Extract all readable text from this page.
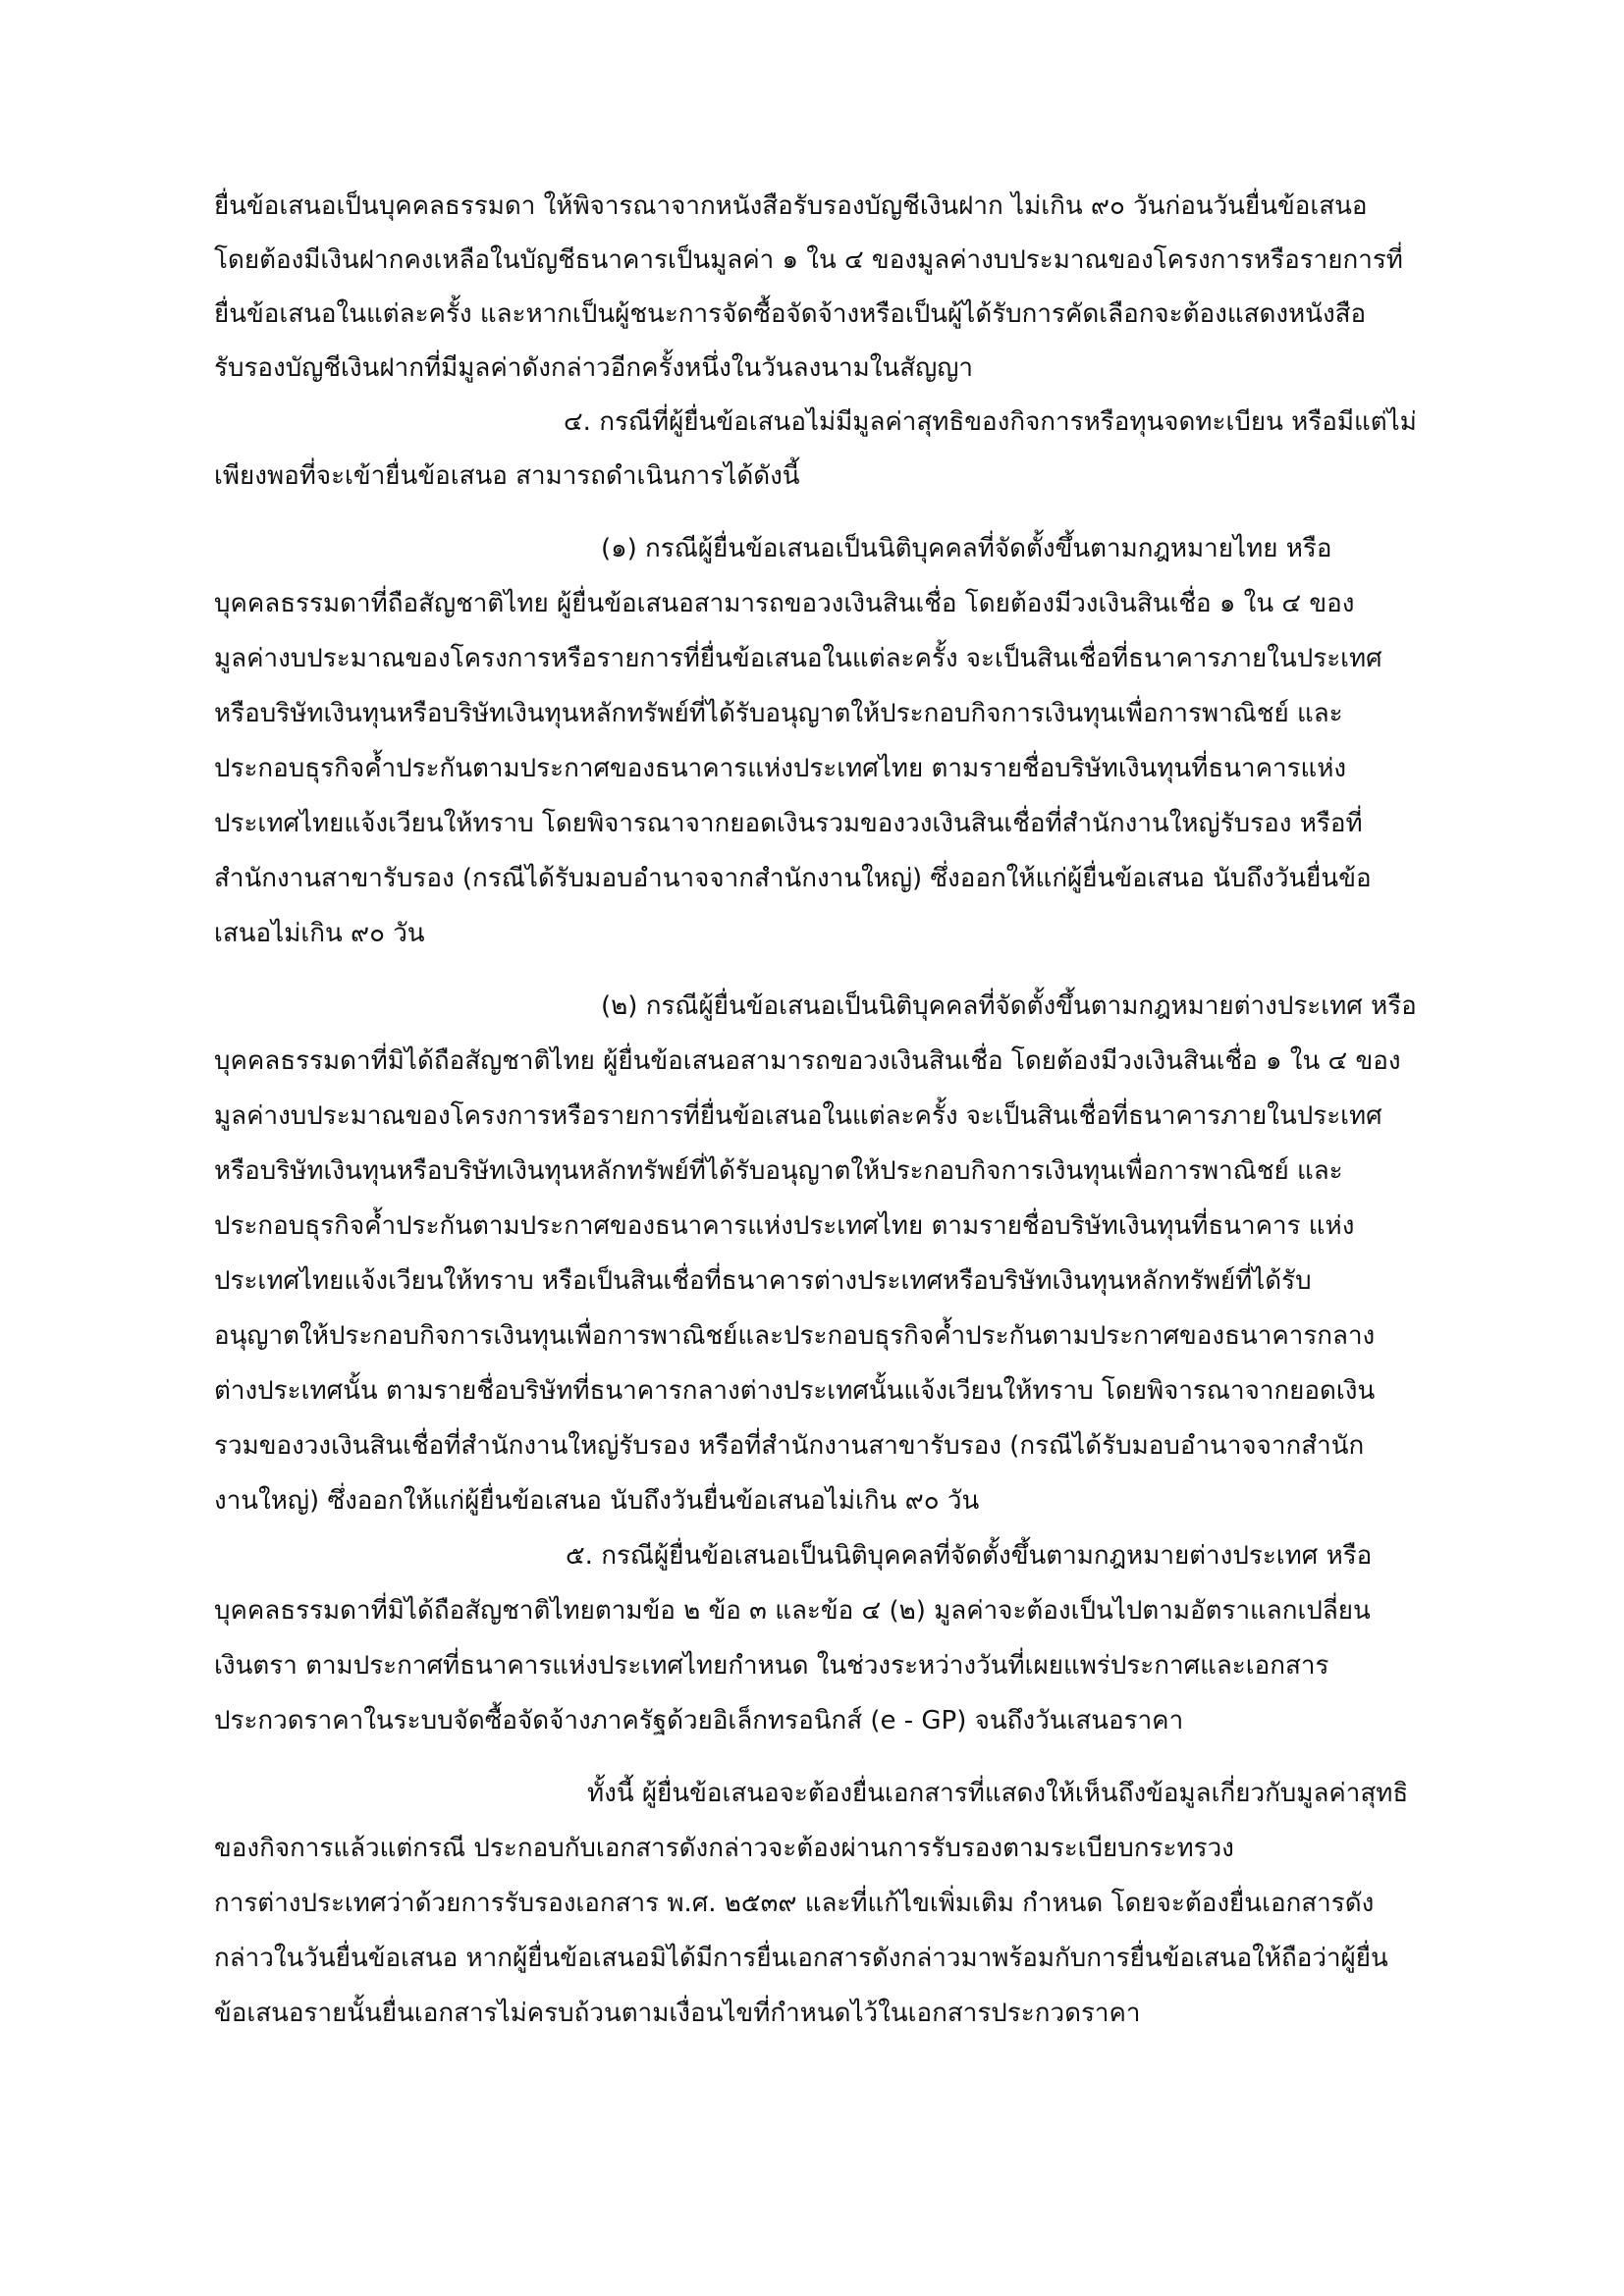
ยื่นข้อเสนอเป็นบุคคลธรรมดา ให้พิจารณาจากหนังสือรับรองบัญชีเงินฝาก ไม่เกิน ๙๐ วันก่อนวันยื่นข้อเสนอ
โดยต้องมีเงินฝากคงเหลือในบัญชีธนาคารเป็นมูลค่า ๑ ใน ๔ ของมูลค่างบประมาณของโครงการหรือรายการที่
ยื่นข้อเสนอในแต่ละครั้ง และหากเป็นผู้ชนะการจัดซื้อจัดจ้างหรือเป็นผู้ได้รับการคัดเลือกจะต้องแสดงหนังสือ
รับรองบัญชีเงินฝากที่มีมูลค่าดังกล่าวอีกครั้งหนึ่งในวันลงนามในสัญญา
๔. กรณีที่ผู้ยื่นข้อเสนอไม่มีมูลค่าสุทธิของกิจการหรือทุนจดทะเบียน หรือมีแต่ไม่
เพียงพอที่จะเข้ายื่นข้อเสนอ สามารถดำเนินการได้ดังนี้
(๑) กรณีผู้ยื่นข้อเสนอเป็นนิติบุคคลที่จัดตั้งขึ้นตามกฎหมายไทย หรือ
บุคคลธรรมดาที่ถือสัญชาติไทย ผู้ยื่นข้อเสนอสามารถขอวงเงินสินเชื่อ โดยต้องมีวงเงินสินเชื่อ ๑ ใน ๔ ของ
มูลค่างบประมาณของโครงการหรือรายการที่ยื่นข้อเสนอในแต่ละครั้ง จะเป็นสินเชื่อที่ธนาคารภายในประเทศ
หรือบริษัทเงินทุนหรือบริษัทเงินทุนหลักทรัพย์ที่ได้รับอนุญาตให้ประกอบกิจการเงินทุนเพื่อการพาณิชย์ และ
ประกอบธุรกิจค้ำประกันตามประกาศของธนาคารแห่งประเทศไทย ตามรายชื่อบริษัทเงินทุนที่ธนาคารแห่ง
ประเทศไทยแจ้งเวียนให้ทราบ โดยพิจารณาจากยอดเงินรวมของวงเงินสินเชื่อที่สำนักงานใหญ่รับรอง หรือที่
สำนักงานสาขารับรอง (กรณีได้รับมอบอำนาจจากสำนักงานใหญ่) ซึ่งออกให้แก่ผู้ยื่นข้อเสนอ นับถึงวันยื่นข้อ
เสนอไม่เกิน ๙๐ วัน
(๒) กรณีผู้ยื่นข้อเสนอเป็นนิติบุคคลที่จัดตั้งขึ้นตามกฎหมายต่างประเทศ หรือ
บุคคลธรรมดาที่มิได้ถือสัญชาติไทย ผู้ยื่นข้อเสนอสามารถขอวงเงินสินเชื่อ โดยต้องมีวงเงินสินเชื่อ ๑ ใน ๔ ของ
มูลค่างบประมาณของโครงการหรือรายการที่ยื่นข้อเสนอในแต่ละครั้ง จะเป็นสินเชื่อที่ธนาคารภายในประเทศ
หรือบริษัทเงินทุนหรือบริษัทเงินทุนหลักทรัพย์ที่ได้รับอนุญาตให้ประกอบกิจการเงินทุนเพื่อการพาณิชย์ และ
ประกอบธุรกิจค้ำประกันตามประกาศของธนาคารแห่งประเทศไทย ตามรายชื่อบริษัทเงินทุนที่ธนาคาร แห่ง
ประเทศไทยแจ้งเวียนให้ทราบ หรือเป็นสินเชื่อที่ธนาคารต่างประเทศหรือบริษัทเงินทุนหลักทรัพย์ที่ได้รับ
อนุญาตให้ประกอบกิจการเงินทุนเพื่อการพาณิชย์และประกอบธุรกิจค้ำประกันตามประกาศของธนาคารกลาง
ต่างประเทศนั้น ตามรายชื่อบริษัทที่ธนาคารกลางต่างประเทศนั้นแจ้งเวียนให้ทราบ โดยพิจารณาจากยอดเงิน
รวมของวงเงินสินเชื่อที่สำนักงานใหญ่รับรอง หรือที่สำนักงานสาขารับรอง (กรณีได้รับมอบอำนาจจากสำนัก
งานใหญ่) ซึ่งออกให้แก่ผู้ยื่นข้อเสนอ นับถึงวันยื่นข้อเสนอไม่เกิน ๙๐ วัน
๕. กรณีผู้ยื่นข้อเสนอเป็นนิติบุคคลที่จัดตั้งขึ้นตามกฎหมายต่างประเทศ หรือ
บุคคลธรรมดาที่มิได้ถือสัญชาติไทยตามข้อ ๒ ข้อ ๓ และข้อ ๔ (๒) มูลค่าจะต้องเป็นไปตามอัตราแลกเปลี่ยน
เงินตรา ตามประกาศที่ธนาคารแห่งประเทศไทยกำหนด ในช่วงระหว่างวันที่เผยแพร่ประกาศและเอกสาร
ประกวดราคาในระบบจัดซื้อจัดจ้างภาครัฐด้วยอิเล็กทรอนิกส์ (e - GP) จนถึงวันเสนอราคา
ทั้งนี้ ผู้ยื่นข้อเสนอจะต้องยื่นเอกสารที่แสดงให้เห็นถึงข้อมูลเกี่ยวกับมูลค่าสุทธิ
ของกิจการแล้วแต่กรณี ประกอบกับเอกสารดังกล่าวจะต้องผ่านการรับรองตามระเบียบกระทรวง
การต่างประเทศว่าด้วยการรับรองเอกสาร พ.ศ. ๒๕๓๙ และที่แก้ไขเพิ่มเติม กำหนด โดยจะต้องยื่นเอกสารดัง
กล่าวในวันยื่นข้อเสนอ หากผู้ยื่นข้อเสนอมิได้มีการยื่นเอกสารดังกล่าวมาพร้อมกับการยื่นข้อเสนอให้ถือว่าผู้ยื่น
ข้อเสนอรายนั้นยื่นเอกสารไม่ครบถ้วนตามเงื่อนไขที่กำหนดไว้ในเอกสารประกวดราคา
